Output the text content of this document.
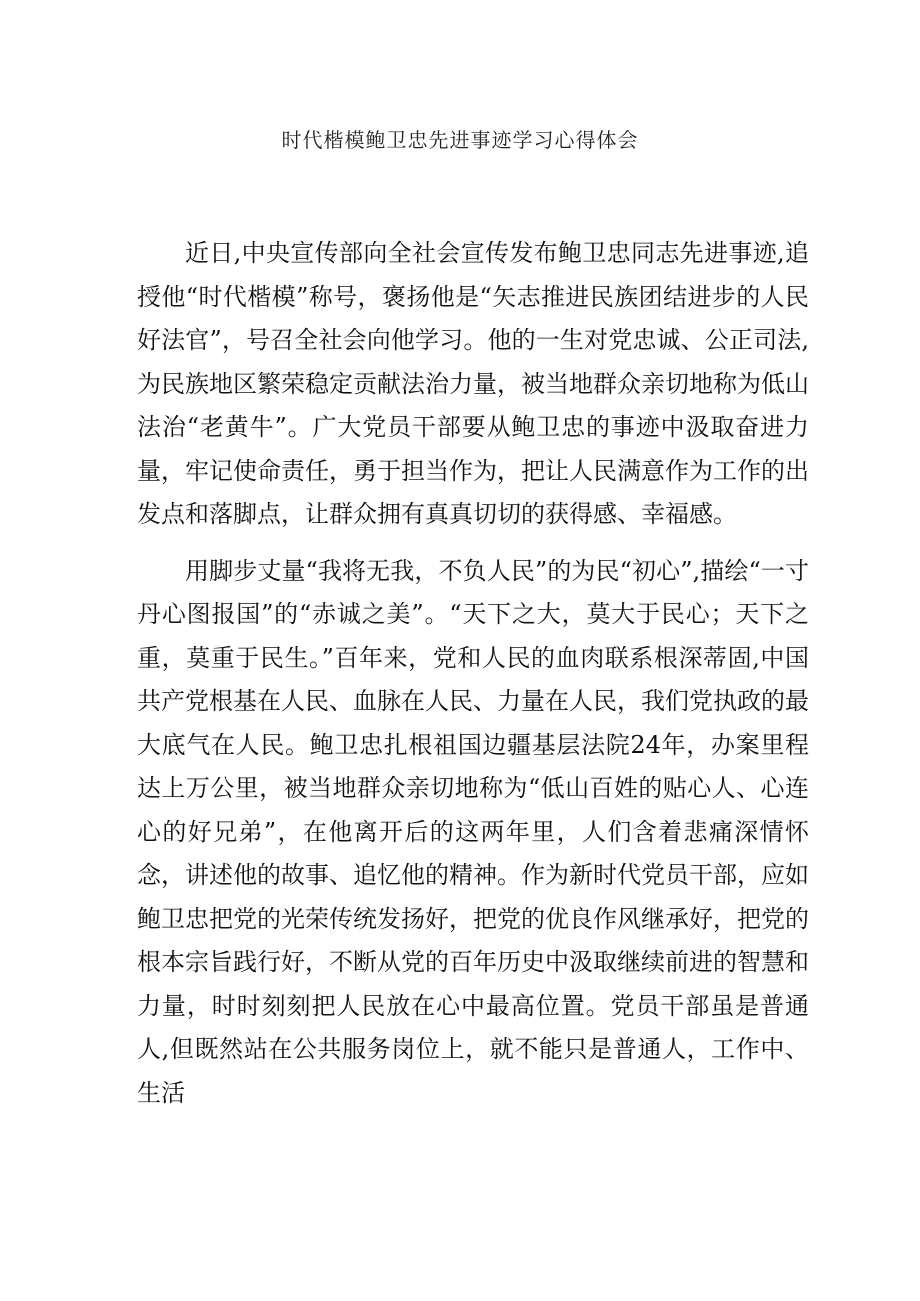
时代楷模鲍卫忠先进事迹学习心得体会

近日,中央宣传部向全社会宣传发布鲍卫忠同志先进事迹,追授他“时代楷模”称号，褒扬他是“矢志推进民族团结进步的人民好法官”，号召全社会向他学习。他的一生对党忠诚、公正司法,为民族地区繁荣稳定贡献法治力量，被当地群众亲切地称为低山法治“老黄牛”。广大党员干部要从鲍卫忠的事迹中汲取奋进力量，牢记使命责任，勇于担当作为，把让人民满意作为工作的出发点和落脚点，让群众拥有真真切切的获得感、幸福感。

用脚步丈量“我将无我，不负人民”的为民“初心”,描绘“一寸丹心图报国”的“赤诚之美”。“天下之大，莫大于民心；天下之重，莫重于民生。”百年来，党和人民的血肉联系根深蒂固,中国共产党根基在人民、血脉在人民、力量在人民，我们党执政的最大底气在人民。鲍卫忠扎根祖国边疆基层法院24年，办案里程达上万公里，被当地群众亲切地称为“低山百姓的贴心人、心连心的好兄弟”，在他离开后的这两年里，人们含着悲痛深情怀念，讲述他的故事、追忆他的精神。作为新时代党员干部，应如鲍卫忠把党的光荣传统发扬好，把党的优良作风继承好，把党的根本宗旨践行好，不断从党的百年历史中汲取继续前进的智慧和力量，时时刻刻把人民放在心中最高位置。党员干部虽是普通人,但既然站在公共服务岗位上，就不能只是普通人，工作中、生活
